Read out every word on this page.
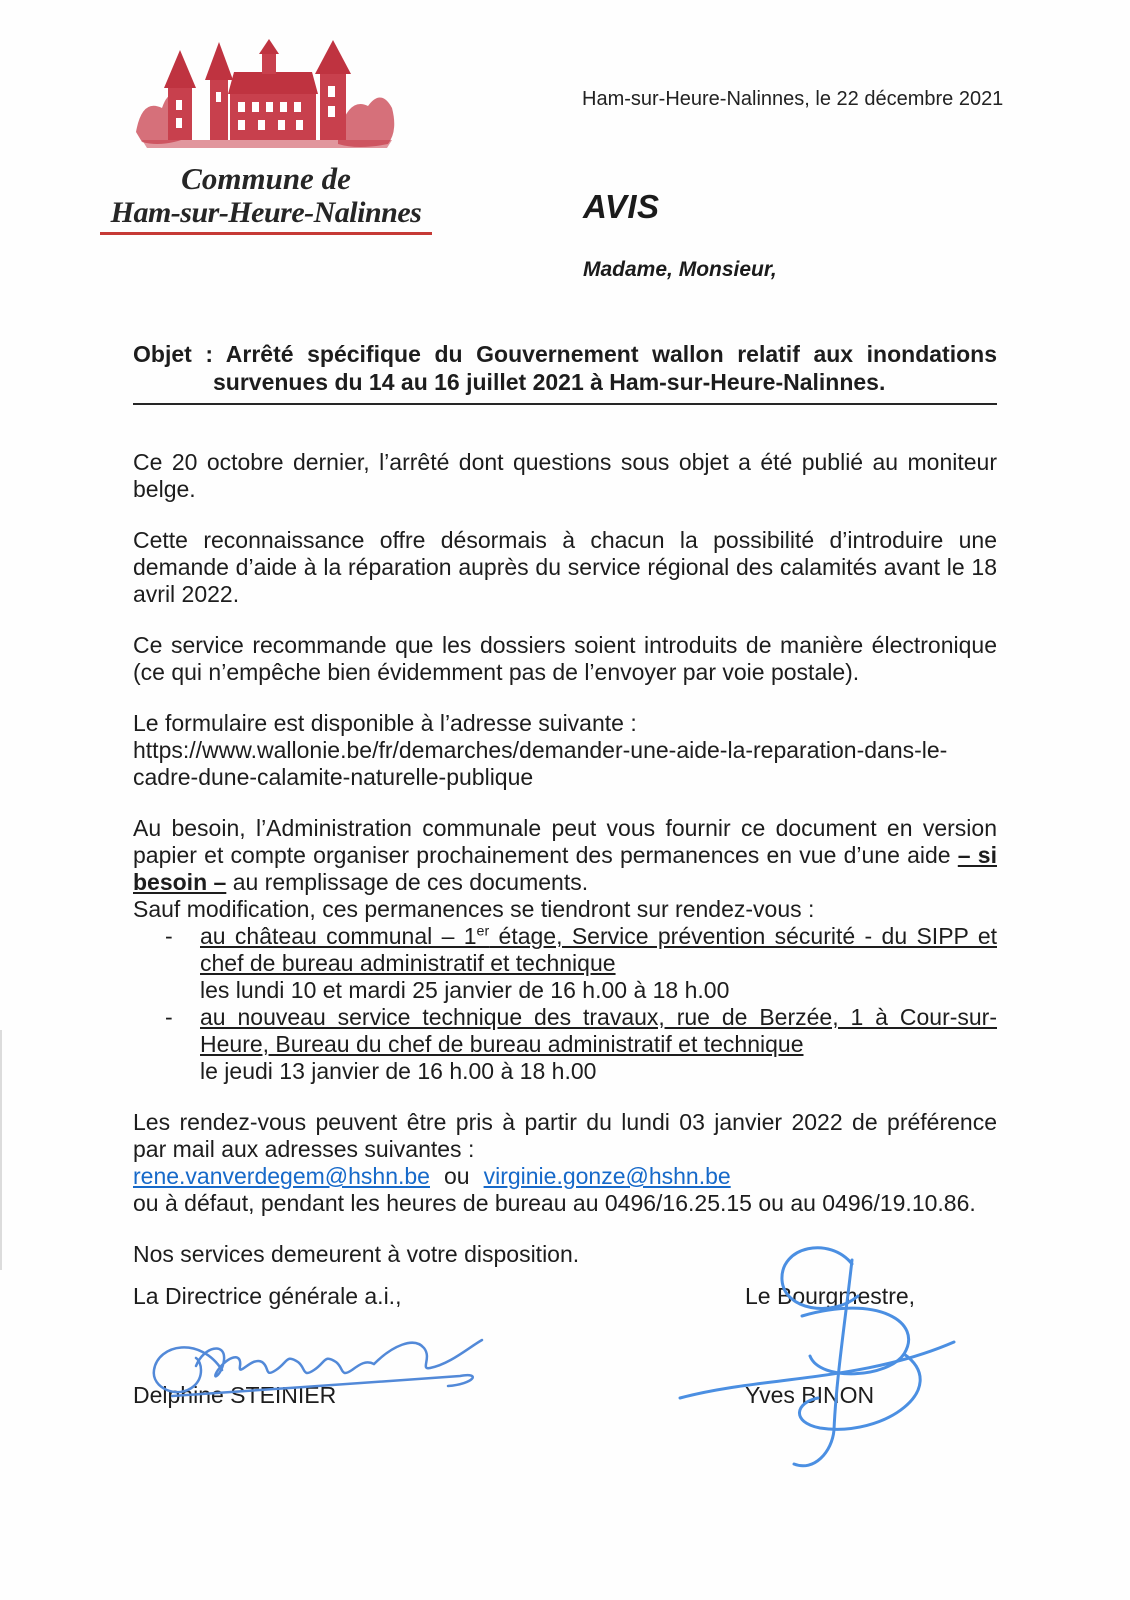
Commune de
Ham-sur-Heure-Nalinnes
Ham-sur-Heure-Nalinnes, le 22 décembre 2021
AVIS
Madame, Monsieur,
Objet : Arrêté spécifique du Gouvernement wallon relatif aux inondations
survenues du 14 au 16 juillet 2021 à Ham-sur-Heure-Nalinnes.
Ce 20 octobre dernier, l’arrêté dont questions sous objet a été publié au moniteur belge.
Cette reconnaissance offre désormais à chacun la possibilité d’introduire une demande d’aide à la réparation auprès du service régional des calamités avant le 18 avril 2022.
Ce service recommande que les dossiers soient introduits de manière électronique (ce qui n’empêche bien évidemment pas de l’envoyer par voie postale).
Le formulaire est disponible à l’adresse suivante :
https://www.wallonie.be/fr/demarches/demander-une-aide-la-reparation-dans-le-
cadre-dune-calamite-naturelle-publique
Au besoin, l’Administration communale peut vous fournir ce document en version papier et compte organiser prochainement des permanences en vue d’une aide – si besoin – au remplissage de ces documents.
Sauf modification, ces permanences se tiendront sur rendez-vous :
-	au château communal – 1er étage, Service prévention sécurité - du SIPP et chef de bureau administratif et technique
les lundi 10 et mardi 25 janvier de 16 h.00 à 18 h.00
-	au nouveau service technique des travaux, rue de Berzée, 1 à Cour-sur-Heure, Bureau du chef de bureau administratif et technique
le jeudi 13 janvier de 16 h.00 à 18 h.00
Les rendez-vous peuvent être pris à partir du lundi 03 janvier 2022 de préférence par mail aux adresses suivantes :
rene.vanverdegem@hshn.be ou virginie.gonze@hshn.be
ou à défaut, pendant les heures de bureau au 0496/16.25.15 ou au 0496/19.10.86.
Nos services demeurent à votre disposition.
La Directrice générale a.i.,	Le Bourgmestre,
Delphine STEINIER	Yves BINON
